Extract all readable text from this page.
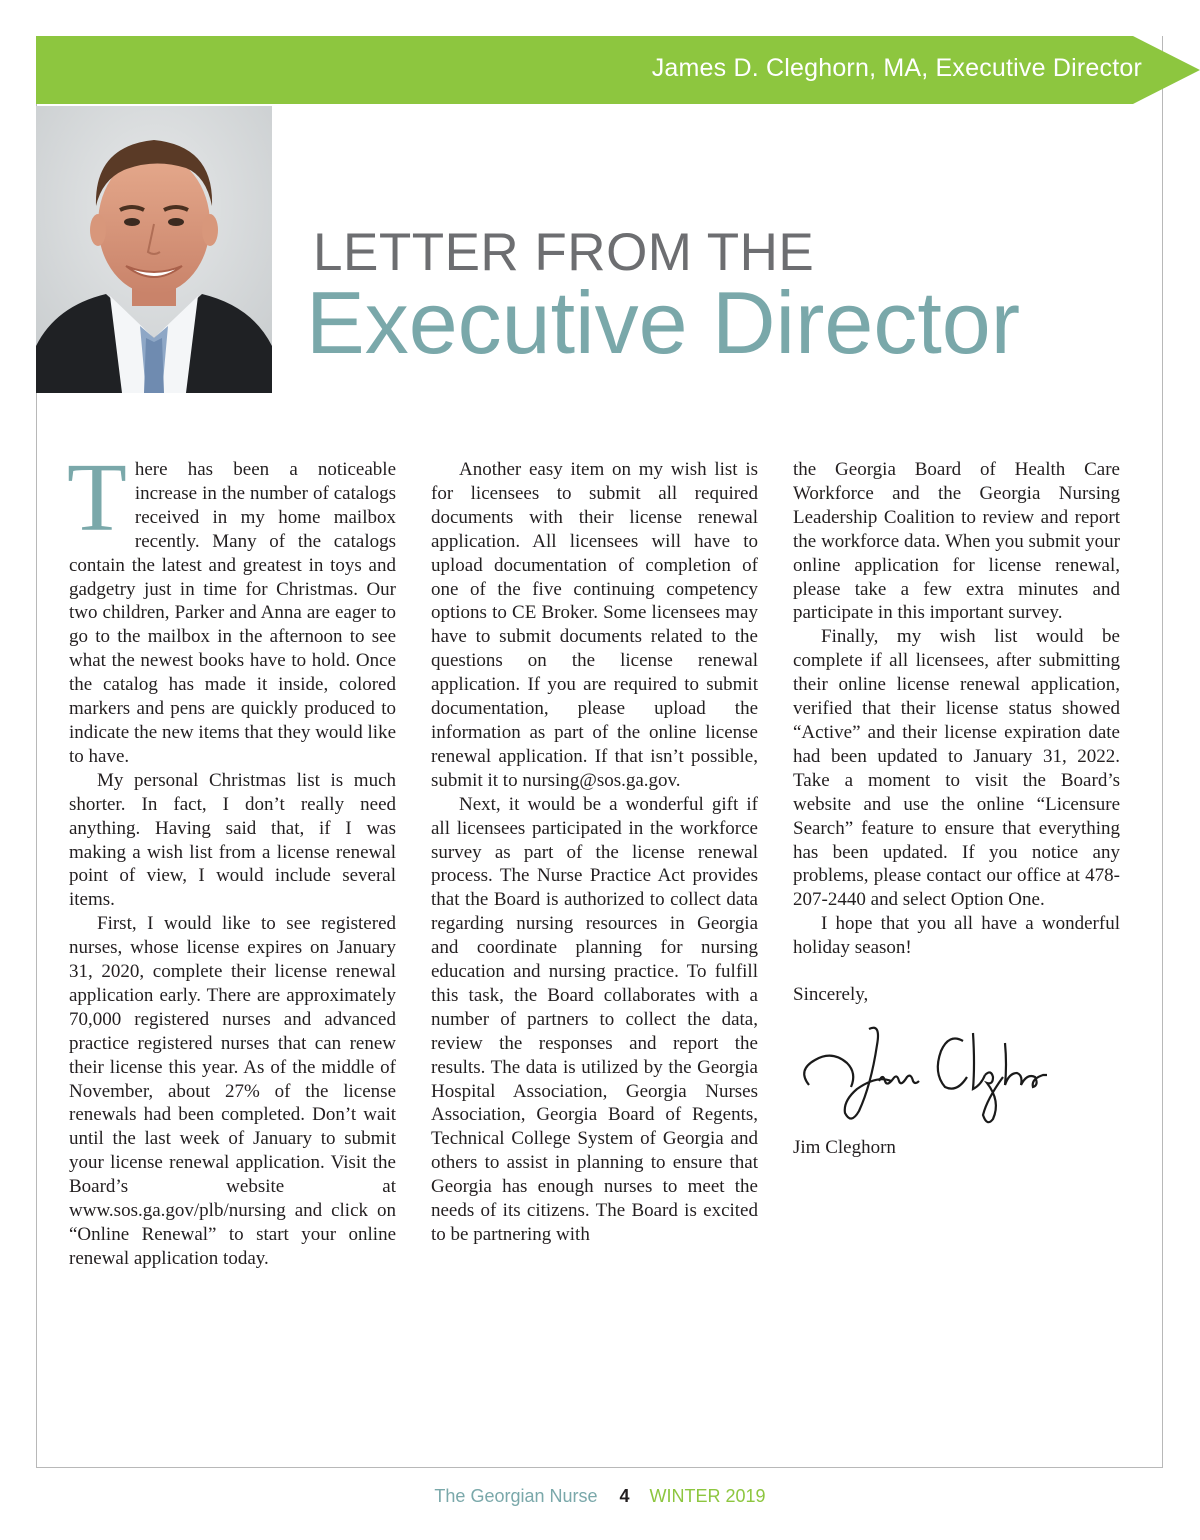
James D. Cleghorn, MA, Executive Director
LETTER FROM THE
Executive Director

There has been a noticeable increase in the number of catalogs received in my home mailbox recently. Many of the catalogs contain the latest and greatest in toys and gadgetry just in time for Christmas. Our two children, Parker and Anna are eager to go to the mailbox in the afternoon to see what the newest books have to hold. Once the catalog has made it inside, colored markers and pens are quickly produced to indicate the new items that they would like to have.

My personal Christmas list is much shorter. In fact, I don’t really need anything. Having said that, if I was making a wish list from a license renewal point of view, I would include several items.

First, I would like to see registered nurses, whose license expires on January 31, 2020, complete their license renewal application early. There are approximately 70,000 registered nurses and advanced practice registered nurses that can renew their license this year. As of the middle of November, about 27% of the license renewals had been completed. Don’t wait until the last week of January to submit your license renewal application. Visit the Board’s website at www.sos.ga.gov/plb/nursing and click on “Online Renewal” to start your online renewal application today.

Another easy item on my wish list is for licensees to submit all required documents with their license renewal application. All licensees will have to upload documentation of completion of one of the five continuing competency options to CE Broker. Some licensees may have to submit documents related to the questions on the license renewal application. If you are required to submit documentation, please upload the information as part of the online license renewal application. If that isn’t possible, submit it to nursing@sos.ga.gov.

Next, it would be a wonderful gift if all licensees participated in the workforce survey as part of the license renewal process. The Nurse Practice Act provides that the Board is authorized to collect data regarding nursing resources in Georgia and coordinate planning for nursing education and nursing practice. To fulfill this task, the Board collaborates with a number of partners to collect the data, review the responses and report the results. The data is utilized by the Georgia Hospital Association, Georgia Nurses Association, Georgia Board of Regents, Technical College System of Georgia and others to assist in planning to ensure that Georgia has enough nurses to meet the needs of its citizens. The Board is excited to be partnering with

the Georgia Board of Health Care Workforce and the Georgia Nursing Leadership Coalition to review and report the workforce data. When you submit your online application for license renewal, please take a few extra minutes and participate in this important survey.

Finally, my wish list would be complete if all licensees, after submitting their online license renewal application, verified that their license status showed “Active” and their license expiration date had been updated to January 31, 2022. Take a moment to visit the Board’s website and use the online “Licensure Search” feature to ensure that everything has been updated. If you notice any problems, please contact our office at 478-207-2440 and select Option One.

I hope that you all have a wonderful holiday season!

Sincerely,

Jim Cleghorn

The Georgian Nurse 4 WINTER 2019
